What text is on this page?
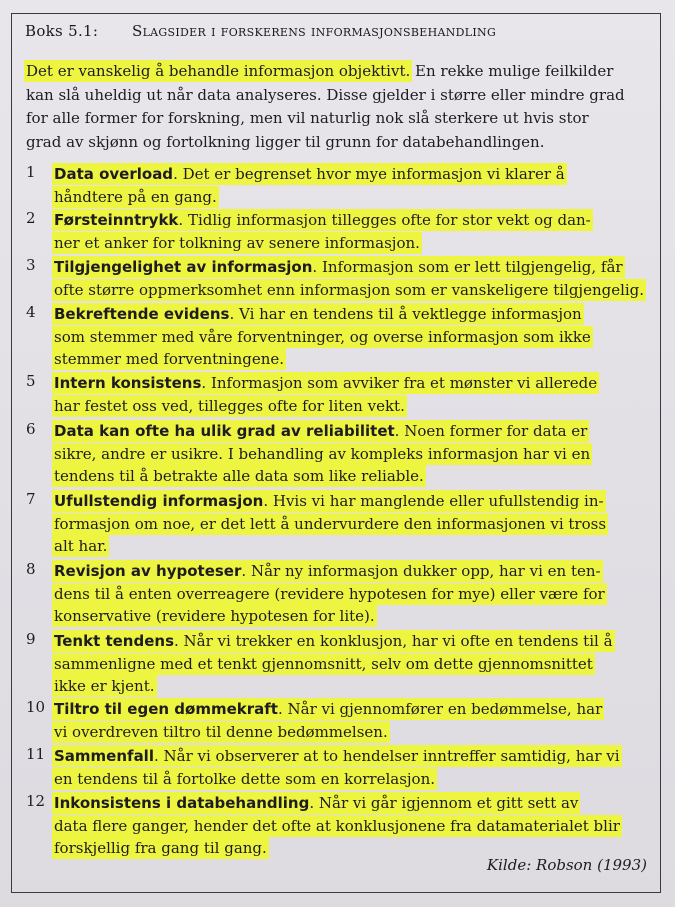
Boks 5.1: Slagsider i forskerens informasjonsbehandling
Det er vanskelig å behandle informasjon objektivt. En rekke mulige feilkilder
kan slå uheldig ut når data analyseres. Disse gjelder i større eller mindre grad
for alle former for forskning, men vil naturlig nok slå sterkere ut hvis stor
grad av skjønn og fortolkning ligger til grunn for databehandlingen.
1	Data overload. Det er begrenset hvor mye informasjon vi klarer å
håndtere på en gang.
2	Førsteinntrykk. Tidlig informasjon tillegges ofte for stor vekt og dan-
ner et anker for tolkning av senere informasjon.
3	Tilgjengelighet av informasjon. Informasjon som er lett tilgjengelig, får
ofte større oppmerksomhet enn informasjon som er vanskeligere tilgjengelig.
4	Bekreftende evidens. Vi har en tendens til å vektlegge informasjon
som stemmer med våre forventninger, og overse informasjon som ikke
stemmer med forventningene.
5	Intern konsistens. Informasjon som avviker fra et mønster vi allerede
har festet oss ved, tillegges ofte for liten vekt.
6	Data kan ofte ha ulik grad av reliabilitet. Noen former for data er
sikre, andre er usikre. I behandling av kompleks informasjon har vi en
tendens til å betrakte alle data som like reliable.
7	Ufullstendig informasjon. Hvis vi har manglende eller ufullstendig in-
formasjon om noe, er det lett å undervurdere den informasjonen vi tross
alt har.
8	Revisjon av hypoteser. Når ny informasjon dukker opp, har vi en ten-
dens til å enten overreagere (revidere hypotesen for mye) eller være for
konservative (revidere hypotesen for lite).
9	Tenkt tendens. Når vi trekker en konklusjon, har vi ofte en tendens til å
sammenligne med et tenkt gjennomsnitt, selv om dette gjennomsnittet
ikke er kjent.
10 Tiltro til egen dømmekraft. Når vi gjennomfører en bedømmelse, har
vi overdreven tiltro til denne bedømmelsen.
11 Sammenfall. Når vi observerer at to hendelser inntreffer samtidig, har vi
en tendens til å fortolke dette som en korrelasjon.
12 Inkonsistens i databehandling. Når vi går igjennom et gitt sett av
data flere ganger, hender det ofte at konklusjonene fra datamaterialet blir
forskjellig fra gang til gang.
Kilde: Robson (1993)
